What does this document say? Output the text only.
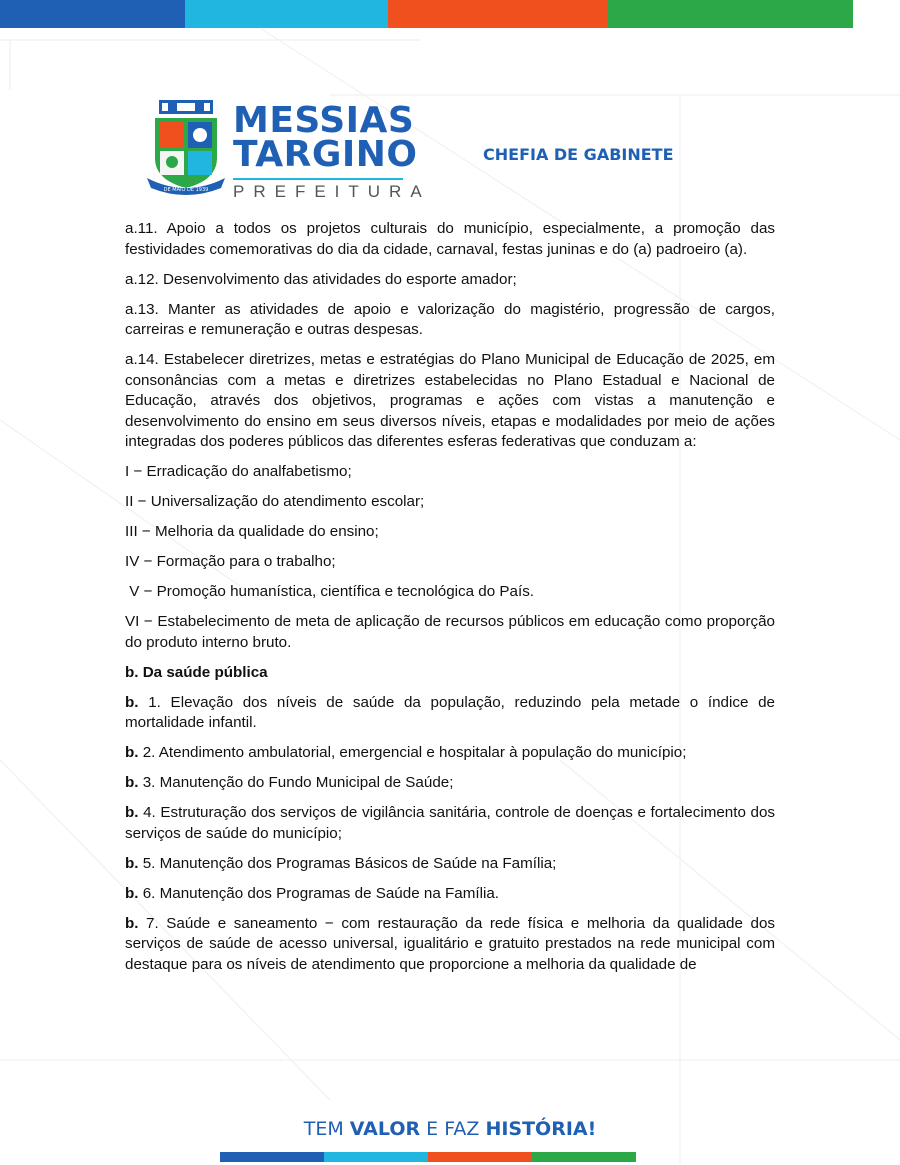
DE MAIO DE 1939
MESSIAS
TARGINO
PREFEITURA
CHEFIA DE GABINETE

a.11. Apoio a todos os projetos culturais do município, especialmente, a promoção das festividades comemorativas do dia da cidade, carnaval, festas juninas e do (a) padroeiro (a).

a.12. Desenvolvimento das atividades do esporte amador;

a.13. Manter as atividades de apoio e valorização do magistério, progressão de cargos, carreiras e remuneração e outras despesas.

a.14. Estabelecer diretrizes, metas e estratégias do Plano Municipal de Educação de 2025, em consonâncias com a metas e diretrizes estabelecidas no Plano Estadual e Nacional de Educação, através dos objetivos, programas e ações com vistas a manutenção e desenvolvimento do ensino em seus diversos níveis, etapas e modalidades por meio de ações integradas dos poderes públicos das diferentes esferas federativas que conduzam a:

I − Erradicação do analfabetismo;

II − Universalização do atendimento escolar;

III − Melhoria da qualidade do ensino;

IV − Formação para o trabalho;

V − Promoção humanística, científica e tecnológica do País.

VI − Estabelecimento de meta de aplicação de recursos públicos em educação como proporção do produto interno bruto.

b. Da saúde pública

b. 1. Elevação dos níveis de saúde da população, reduzindo pela metade o índice de mortalidade infantil.

b. 2. Atendimento ambulatorial, emergencial e hospitalar à população do município;

b. 3. Manutenção do Fundo Municipal de Saúde;

b. 4. Estruturação dos serviços de vigilância sanitária, controle de doenças e fortalecimento dos serviços de saúde do município;

b. 5. Manutenção dos Programas Básicos de Saúde na Família;

b. 6. Manutenção dos Programas de Saúde na Família.

b. 7. Saúde e saneamento − com restauração da rede física e melhoria da qualidade dos serviços de saúde de acesso universal, igualitário e gratuito prestados na rede municipal com destaque para os níveis de atendimento que proporcione a melhoria da qualidade de

TEM VALOR E FAZ HISTÓRIA!
